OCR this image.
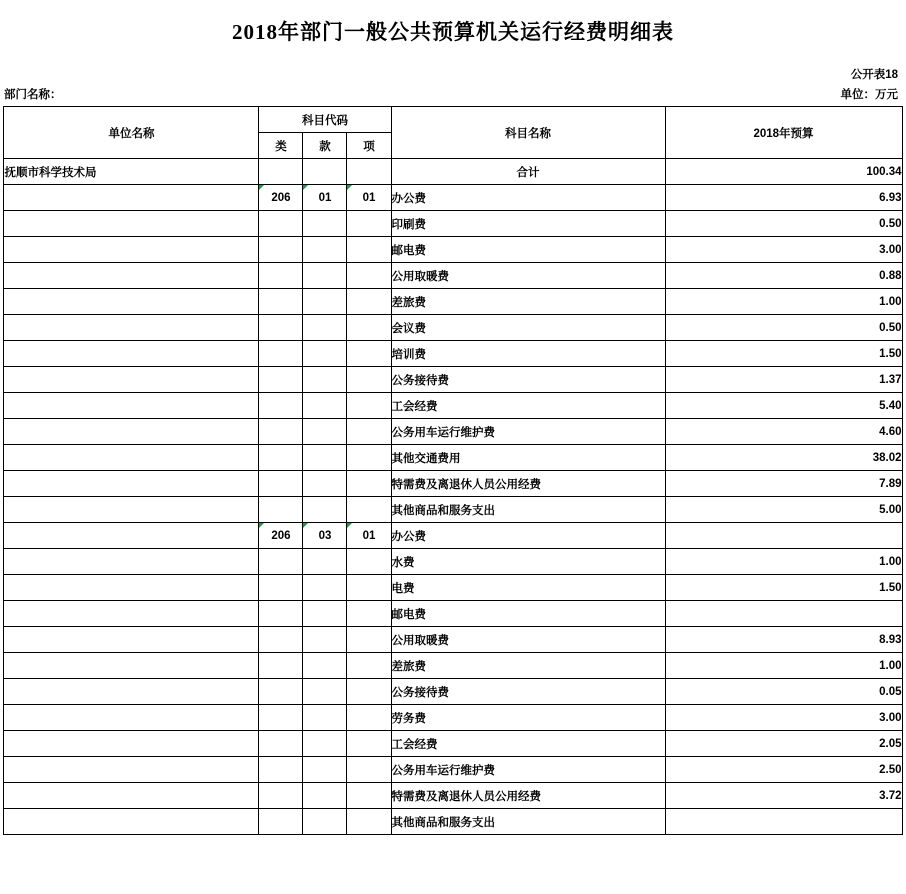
2018年部门一般公共预算机关运行经费明细表
公开表18
部门名称：	单位：万元
单位名称	科目代码			科目名称	2018年预算
	类	款	项		
抚顺市科学技术局				合计	100.34
	206	01	01	办公费	6.93
				印刷费	0.50
				邮电费	3.00
				公用取暖费	0.88
				差旅费	1.00
				会议费	0.50
				培训费	1.50
				公务接待费	1.37
				工会经费	5.40
				公务用车运行维护费	4.60
				其他交通费用	38.02
				特需费及离退休人员公用经费	7.89
				其他商品和服务支出	5.00
	206	03	01	办公费	
				水费	1.00
				电费	1.50
				邮电费	
				公用取暖费	8.93
				差旅费	1.00
				公务接待费	0.05
				劳务费	3.00
				工会经费	2.05
				公务用车运行维护费	2.50
				特需费及离退休人员公用经费	3.72
				其他商品和服务支出	
